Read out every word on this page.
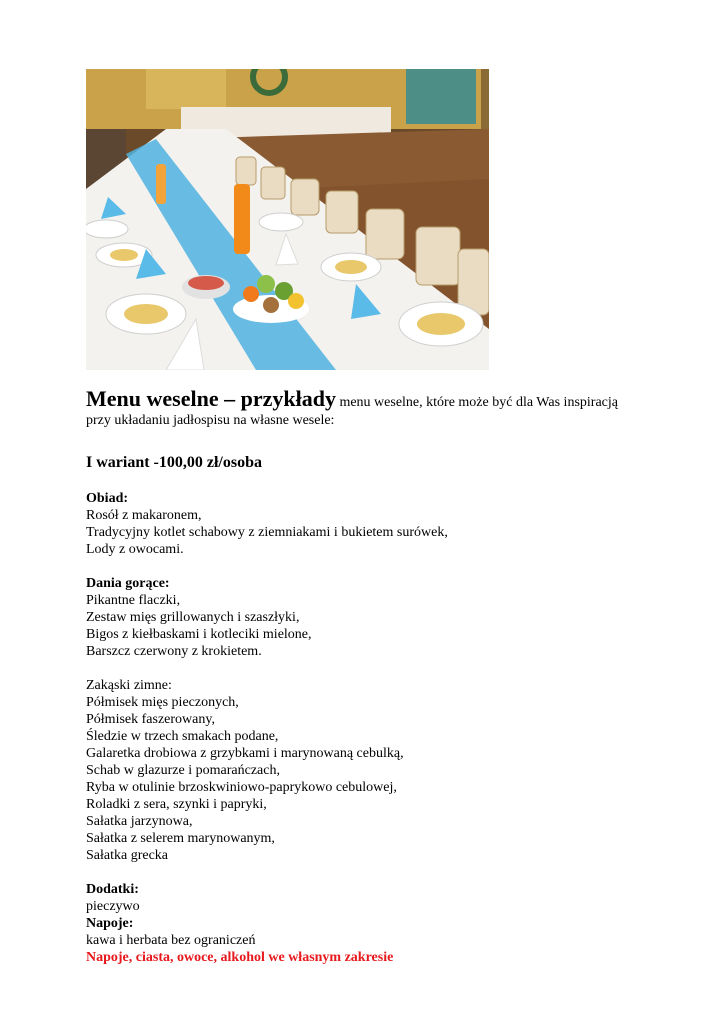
Menu weselne – przykłady menu weselne, które może być dla Was inspiracją przy układaniu jadłospisu na własne wesele:

I wariant -100,00 zł/osoba
Obiad:
Rosół z makaronem,
Tradycyjny kotlet schabowy z ziemniakami i bukietem surówek,
Lody z owocami.
Dania gorące:
Pikantne flaczki,
Zestaw mięs grillowanych i szaszłyki,
Bigos z kiełbaskami i kotleciki mielone,
Barszcz czerwony z krokietem.
Zakąski zimne:
Półmisek mięs pieczonych,
Półmisek faszerowany,
Śledzie w trzech smakach podane,
Galaretka drobiowa z grzybkami i marynowaną cebulką,
Schab w glazurze i pomarańczach,
Ryba w otulinie brzoskwiniowo-paprykowo cebulowej,
Roladki z sera, szynki i papryki,
Sałatka jarzynowa,
Sałatka z selerem marynowanym,
Sałatka grecka
Dodatki:
pieczywo
Napoje:
kawa i herbata bez ograniczeń
Napoje, ciasta, owoce, alkohol we własnym zakresie
